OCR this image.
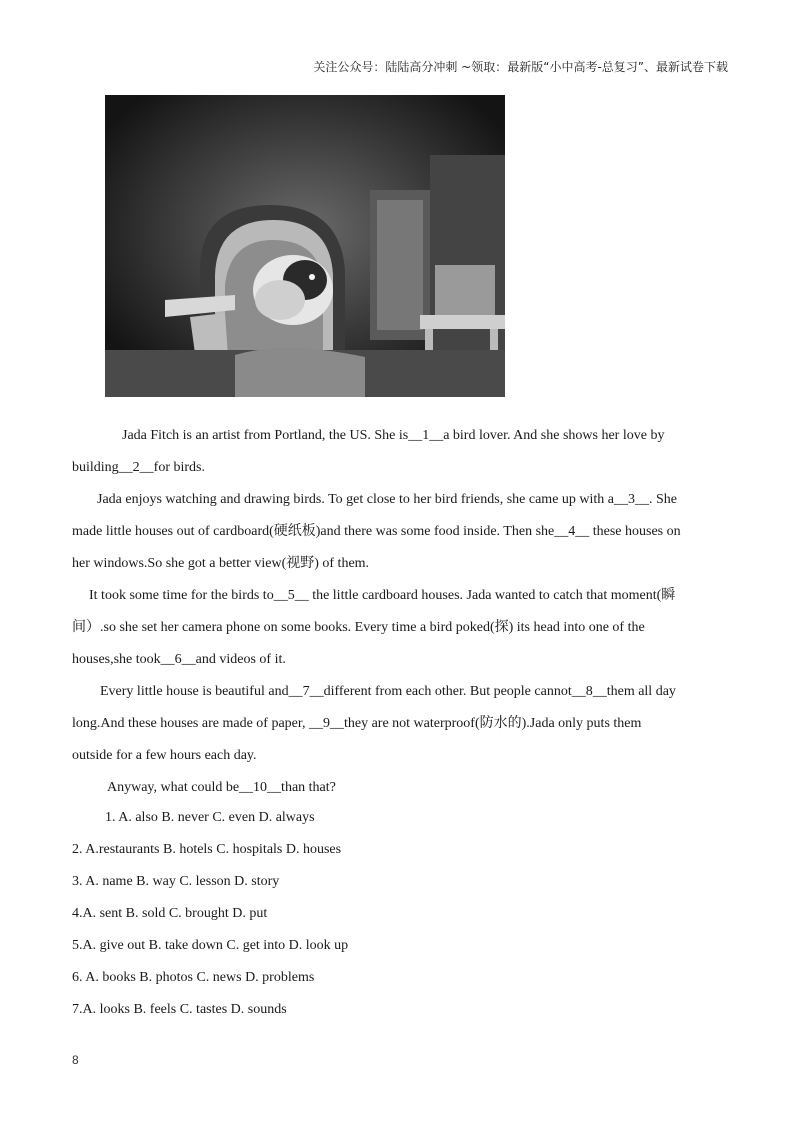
关注公众号：陆陆高分冲刺 ~领取：最新版“小中高考-总复习”、最新试卷下载
Jada Fitch is an artist from Portland, the US. She is__1__a bird lover. And she shows her love by
building__2__for birds.
Jada enjoys watching and drawing birds. To get close to her bird friends, she came up with a__3__. She
made little houses out of cardboard(硬纸板)and there was some food inside. Then she__4__ these houses on
her windows.So she got a better view(视野) of them.
It took some time for the birds to__5__ the little cardboard houses. Jada wanted to catch that moment(瞬
间）.so she set her camera phone on some books. Every time a bird poked(探) its head into one of the
houses,she took__6__and videos of it.
Every little house is beautiful and__7__different from each other. But people cannot__8__them all day
long.And these houses are made of paper, __9__they are not waterproof(防水的).Jada only puts them
outside for a few hours each day.
Anyway, what could be__10__than that?
1. A. also B. never C. even D. always
2. A.restaurants B. hotels C. hospitals D. houses
3. A. name B. way C. lesson D. story
4.A. sent B. sold C. brought D. put
5.A. give out B. take down C. get into D. look up
6. A. books B. photos C. news D. problems
7.A. looks B. feels C. tastes D. sounds
8
